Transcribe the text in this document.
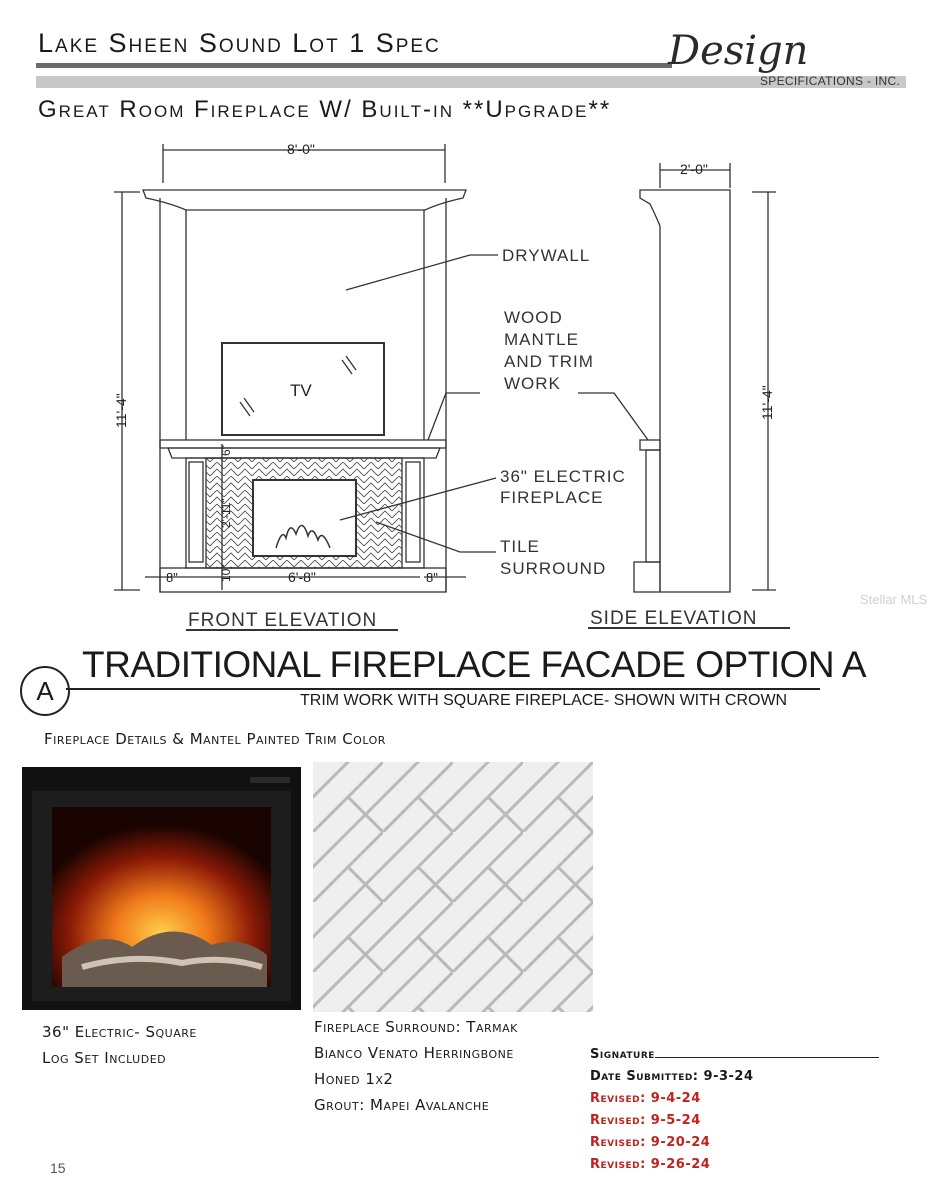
Lake Sheen Sound Lot 1 Spec	Design
SPECIFICATIONS - INC.
Great Room Fireplace W/ Built-in **Upgrade**
8'-0"
2'-0"
11'-4"	11'-4"
6"
2'-11"
10"	6'-8"
8"	8"
TV
DRYWALL
WOOD
MANTLE
AND TRIM
WORK
36" ELECTRIC
FIREPLACE
TILE
SURROUND
FRONT ELEVATION	SIDE ELEVATION
Stellar MLS
A
TRADITIONAL FIREPLACE FACADE OPTION A
TRIM WORK WITH SQUARE FIREPLACE- SHOWN WITH CROWN
Fireplace Details & Mantel Painted Trim Color
36" Electric- Square
Log Set Included
Fireplace Surround: Tarmak
Bianco Venato Herringbone
Honed 1x2
Grout: Mapei Avalanche
Signature
Date Submitted: 9-3-24
Revised: 9-4-24
Revised: 9-5-24
Revised: 9-20-24
Revised: 9-26-24
15
